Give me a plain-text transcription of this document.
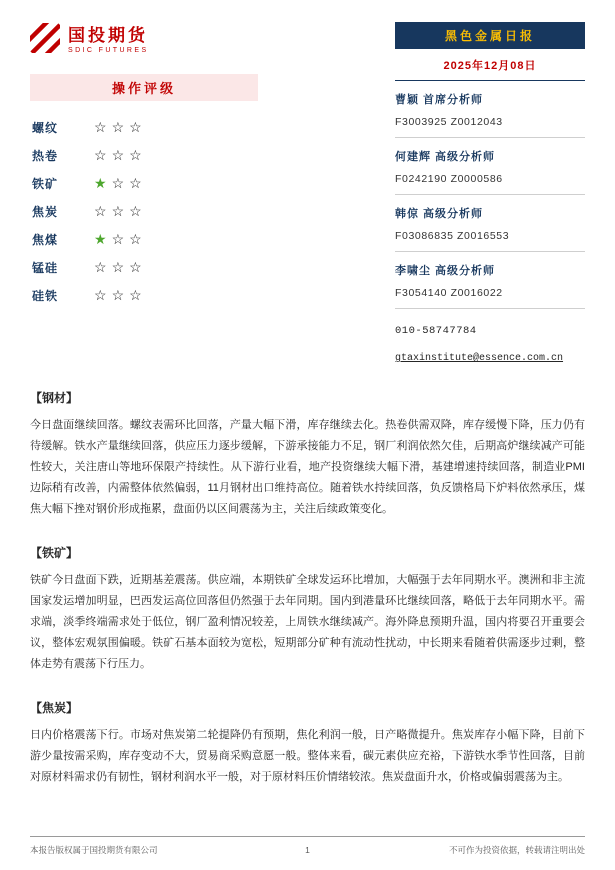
国投期货
SDIC FUTURES
操作评级
螺纹	☆☆☆
热卷	☆☆☆
铁矿	★☆☆
焦炭	☆☆☆
焦煤	★☆☆
锰硅	☆☆☆
硅铁	☆☆☆
黑色金属日报
2025年12月08日
曹颖 首席分析师
F3003925 Z0012043
何建辉 高级分析师
F0242190 Z0000586
韩倞 高级分析师
F03086835 Z0016553
李啸尘 高级分析师
F3054140 Z0016022
010-58747784
gtaxinstitute@essence.com.cn
【钢材】
今日盘面继续回落。螺纹表需环比回落，产量大幅下滑，库存继续去化。热卷供需双降，库存缓慢下降，压力仍有待缓解。铁水产量继续回落，供应压力逐步缓解，下游承接能力不足，钢厂利润依然欠佳，后期高炉继续减产可能性较大，关注唐山等地环保限产持续性。从下游行业看，地产投资继续大幅下滑，基建增速持续回落，制造业PMI边际稍有改善，内需整体依然偏弱，11月钢材出口维持高位。随着铁水持续回落，负反馈格局下炉料依然承压，煤焦大幅下挫对钢价形成拖累，盘面仍以区间震荡为主，关注后续政策变化。
【铁矿】
铁矿今日盘面下跌，近期基差震荡。供应端，本期铁矿全球发运环比增加，大幅强于去年同期水平。澳洲和非主流国家发运增加明显，巴西发运高位回落但仍然强于去年同期。国内到港量环比继续回落，略低于去年同期水平。需求端，淡季终端需求处于低位，钢厂盈利情况较差，上周铁水继续减产。海外降息预期升温，国内将要召开重要会议，整体宏观氛围偏暖。铁矿石基本面较为宽松，短期部分矿种有流动性扰动，中长期来看随着供需逐步过剩，整体走势有震荡下行压力。
【焦炭】
日内价格震荡下行。市场对焦炭第二轮提降仍有预期，焦化利润一般，日产略微提升。焦炭库存小幅下降，目前下游少量按需采购，库存变动不大，贸易商采购意愿一般。整体来看，碳元素供应充裕，下游铁水季节性回落，目前对原材料需求仍有韧性，钢材利润水平一般，对于原材料压价情绪较浓。焦炭盘面升水，价格或偏弱震荡为主。
本报告版权属于国投期货有限公司	1	不可作为投资依据，转载请注明出处
